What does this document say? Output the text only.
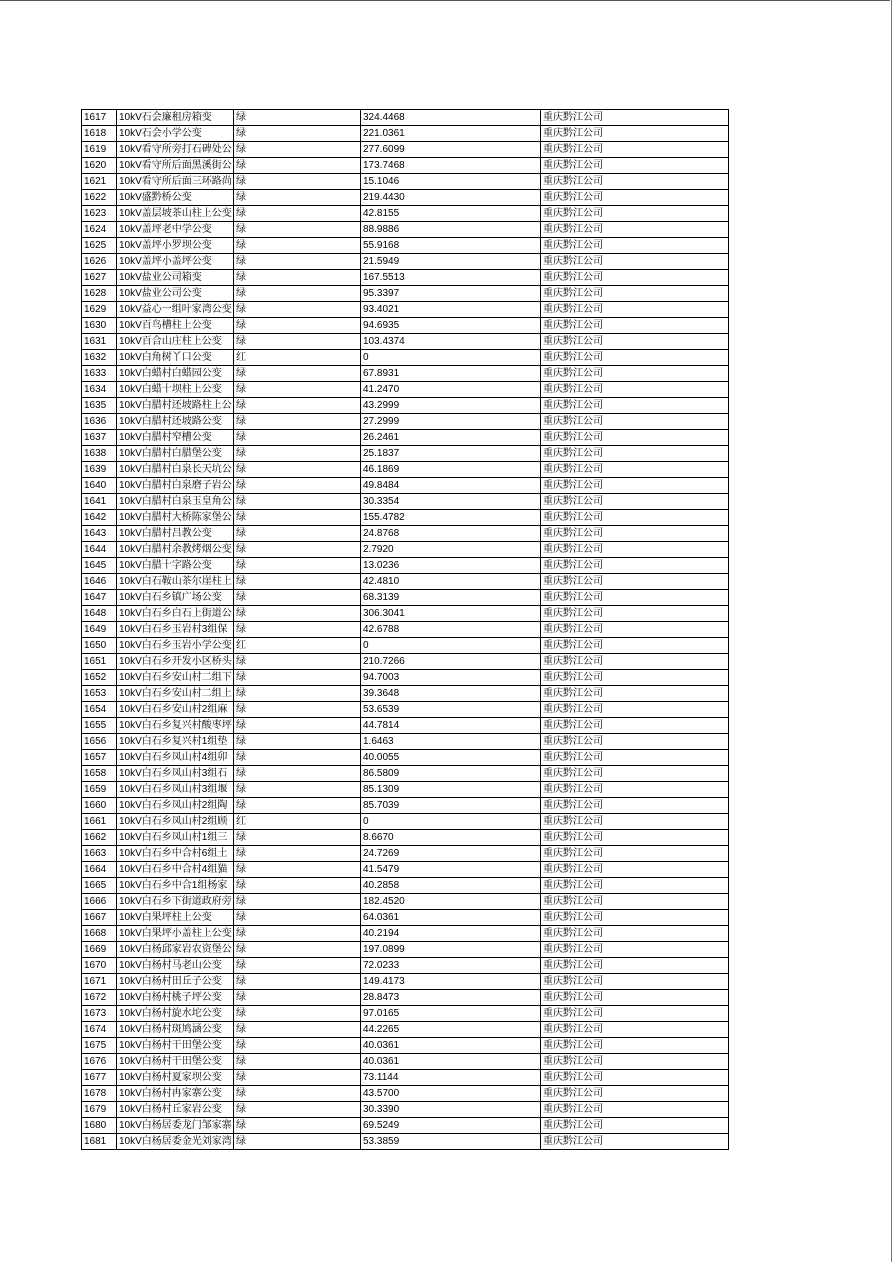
1617	10kV石会廉租房箱变	绿	324.4468	重庆黔江公司
1618	10kV石会小学公变	绿	221.0361	重庆黔江公司
1619	10kV看守所旁打石碑处公	绿	277.6099	重庆黔江公司
1620	10kV看守所后面黑溪街公	绿	173.7468	重庆黔江公司
1621	10kV看守所后面三环路尚	绿	15.1046	重庆黔江公司
1622	10kV盛黔桥公变	绿	219.4430	重庆黔江公司
1623	10kV盖层坡茶山柱上公变	绿	42.8155	重庆黔江公司
1624	10kV盖坪老中学公变	绿	88.9886	重庆黔江公司
1625	10kV盖坪小罗坝公变	绿	55.9168	重庆黔江公司
1626	10kV盖坪小盖坪公变	绿	21.5949	重庆黔江公司
1627	10kV盐业公司箱变	绿	167.5513	重庆黔江公司
1628	10kV盐业公司公变	绿	95.3397	重庆黔江公司
1629	10kV益心一组叶家湾公变	绿	93.4021	重庆黔江公司
1630	10kV百鸟槽柱上公变	绿	94.6935	重庆黔江公司
1631	10kV百合山庄柱上公变	绿	103.4374	重庆黔江公司
1632	10kV白角树丫口公变	红	0	重庆黔江公司
1633	10kV白蜡村白蜡园公变	绿	67.8931	重庆黔江公司
1634	10kV白蜡十坝柱上公变	绿	41.2470	重庆黔江公司
1635	10kV白腊村还坡路柱上公	绿	43.2999	重庆黔江公司
1636	10kV白腊村还坡路公变	绿	27.2999	重庆黔江公司
1637	10kV白腊村窄槽公变	绿	26.2461	重庆黔江公司
1638	10kV白腊村白腊堡公变	绿	25.1837	重庆黔江公司
1639	10kV白腊村白泉长天坑公	绿	46.1869	重庆黔江公司
1640	10kV白腊村白泉磨子岩公	绿	49.8484	重庆黔江公司
1641	10kV白腊村白泉玉皇角公	绿	30.3354	重庆黔江公司
1642	10kV白腊村大桥陈家堡公	绿	155.4782	重庆黔江公司
1643	10kV白腊村吕教公变	绿	24.8768	重庆黔江公司
1644	10kV白腊村余教烤烟公变	绿	2.7920	重庆黔江公司
1645	10kV白腊十字路公变	绿	13.0236	重庆黔江公司
1646	10kV白石鞍山茶尔崖柱上	绿	42.4810	重庆黔江公司
1647	10kV白石乡镇广场公变	绿	68.3139	重庆黔江公司
1648	10kV白石乡白石上街道公	绿	306.3041	重庆黔江公司
1649	10kV白石乡玉岩村3组保	绿	42.6788	重庆黔江公司
1650	10kV白石乡玉岩小学公变	红	0	重庆黔江公司
1651	10kV白石乡开发小区桥头	绿	210.7266	重庆黔江公司
1652	10kV白石乡安山村二组下	绿	94.7003	重庆黔江公司
1653	10kV白石乡安山村二组上	绿	39.3648	重庆黔江公司
1654	10kV白石乡安山村2组麻	绿	53.6539	重庆黔江公司
1655	10kV白石乡复兴村酸枣坪	绿	44.7814	重庆黔江公司
1656	10kV白石乡复兴村1组垫	绿	1.6463	重庆黔江公司
1657	10kV白石乡凤山村4组卯	绿	40.0055	重庆黔江公司
1658	10kV白石乡凤山村3组石	绿	86.5809	重庆黔江公司
1659	10kV白石乡凤山村3组堰	绿	85.1309	重庆黔江公司
1660	10kV白石乡凤山村2组陶	绿	85.7039	重庆黔江公司
1661	10kV白石乡凤山村2组顾	红	0	重庆黔江公司
1662	10kV白石乡凤山村1组三	绿	8.6670	重庆黔江公司
1663	10kV白石乡中合村6组土	绿	24.7269	重庆黔江公司
1664	10kV白石乡中合村4组猫	绿	41.5479	重庆黔江公司
1665	10kV白石乡中合1组杨家	绿	40.2858	重庆黔江公司
1666	10kV白石乡下街道政府旁	绿	182.4520	重庆黔江公司
1667	10kV白果坪柱上公变	绿	64.0361	重庆黔江公司
1668	10kV白果坪小盖柱上公变	绿	40.2194	重庆黔江公司
1669	10kV白杨邱家岩农资堡公	绿	197.0899	重庆黔江公司
1670	10kV白杨村马老山公变	绿	72.0233	重庆黔江公司
1671	10kV白杨村田丘子公变	绿	149.4173	重庆黔江公司
1672	10kV白杨村桃子坪公变	绿	28.8473	重庆黔江公司
1673	10kV白杨村旋水坨公变	绿	97.0165	重庆黔江公司
1674	10kV白杨村斑鸠涵公变	绿	44.2265	重庆黔江公司
1675	10kV白杨村干田堡公变	绿	40.0361	重庆黔江公司
1676	10kV白杨村干田堡公变	绿	40.0361	重庆黔江公司
1677	10kV白杨村夏家坝公变	绿	73.1144	重庆黔江公司
1678	10kV白杨村冉家寨公变	绿	43.5700	重庆黔江公司
1679	10kV白杨村丘家岩公变	绿	30.3390	重庆黔江公司
1680	10kV白杨居委龙门邹家寨	绿	69.5249	重庆黔江公司
1681	10kV白杨居委金光刘家湾	绿	53.3859	重庆黔江公司
